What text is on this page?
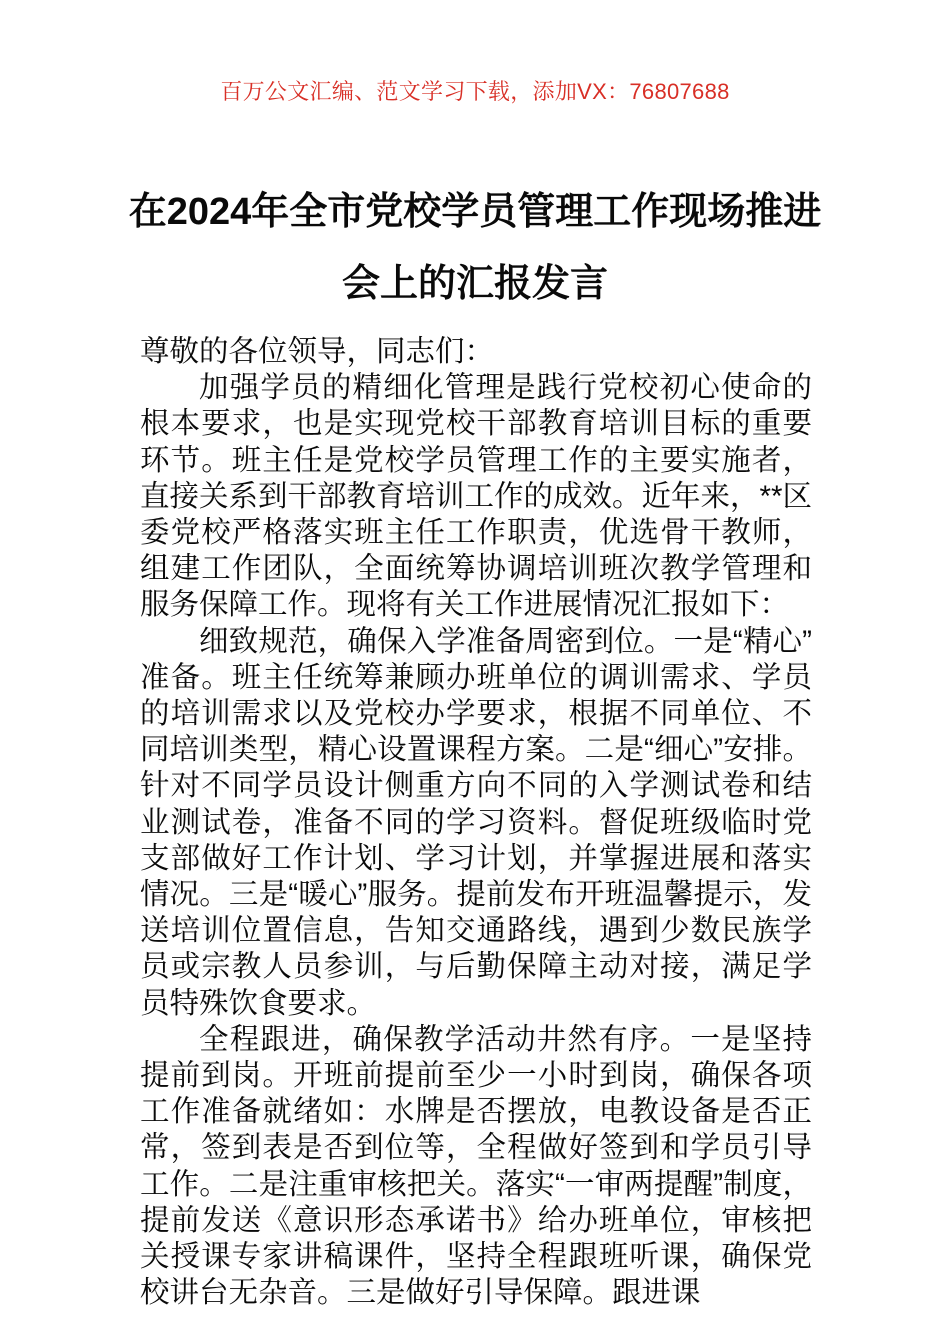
百万公文汇编、范文学习下载，添加VX：76807688
在2024年全市党校学员管理工作现场推进
会上的汇报发言

尊敬的各位领导，同志们：

加强学员的精细化管理是践行党校初心使命的根本要求，也是实现党校干部教育培训目标的重要环节。班主任是党校学员管理工作的主要实施者，直接关系到干部教育培训工作的成效。近年来，**区委党校严格落实班主任工作职责，优选骨干教师，组建工作团队，全面统筹协调培训班次教学管理和服务保障工作。现将有关工作进展情况汇报如下：

细致规范，确保入学准备周密到位。一是“精心”准备。班主任统筹兼顾办班单位的调训需求、学员的培训需求以及党校办学要求，根据不同单位、不同培训类型，精心设置课程方案。二是“细心”安排。针对不同学员设计侧重方向不同的入学测试卷和结业测试卷，准备不同的学习资料。督促班级临时党支部做好工作计划、学习计划，并掌握进展和落实情况。三是“暖心”服务。提前发布开班温馨提示，发送培训位置信息，告知交通路线，遇到少数民族学员或宗教人员参训，与后勤保障主动对接，满足学员特殊饮食要求。

全程跟进，确保教学活动井然有序。一是坚持提前到岗。开班前提前至少一小时到岗，确保各项工作准备就绪如：水牌是否摆放，电教设备是否正常，签到表是否到位等，全程做好签到和学员引导工作。二是注重审核把关。落实“一审两提醒”制度，提前发送《意识形态承诺书》给办班单位，审核把关授课专家讲稿课件，坚持全程跟班听课，确保党校讲台无杂音。三是做好引导保障。跟进课
